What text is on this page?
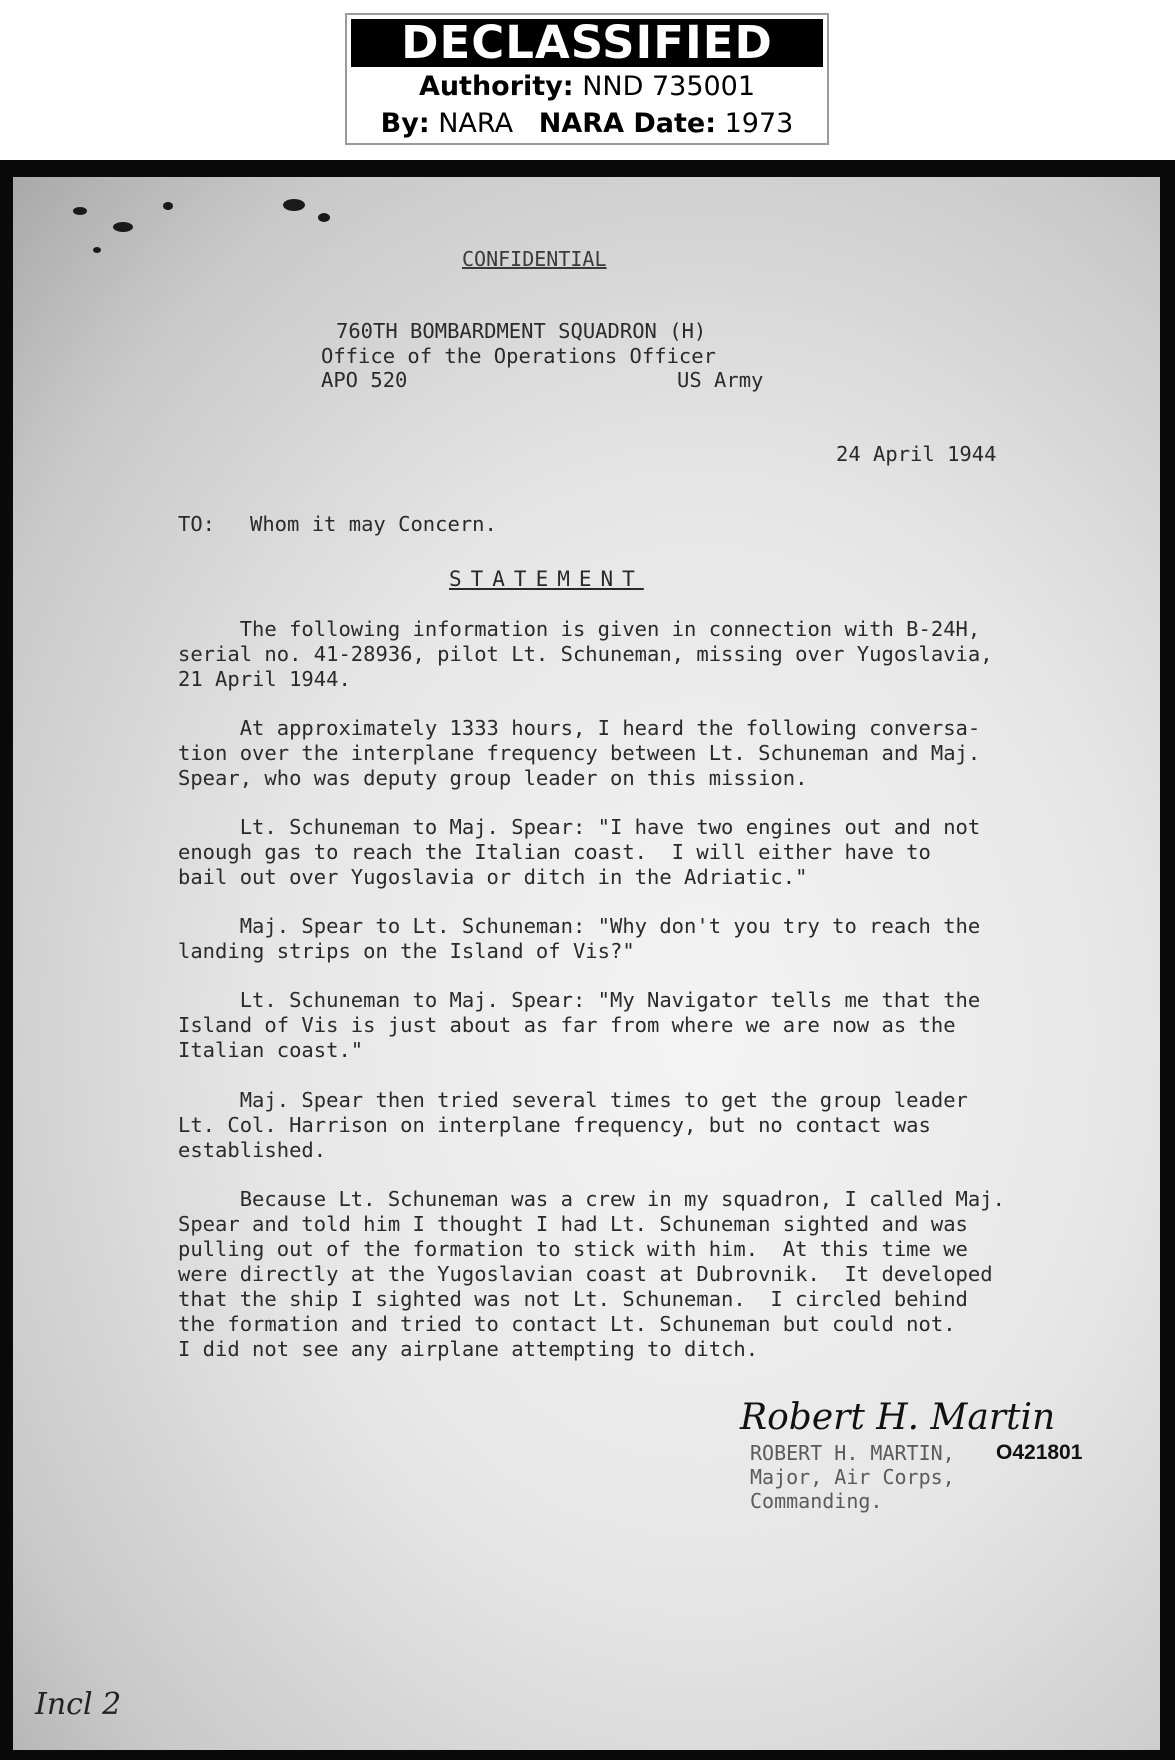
DECLASSIFIED
Authority: NND 735001
By: NARA NARA Date: 1973
CONFIDENTIAL
760TH BOMBARDMENT SQUADRON (H)
Office of the Operations Officer
APO 520	US Army
24 April 1944
TO: Whom it may Concern.
STATEMENT
The following information is given in connection with B-24H,
serial no. 41-28936, pilot Lt. Schuneman, missing over Yugoslavia,
21 April 1944.
At approximately 1333 hours, I heard the following conversa-
tion over the interplane frequency between Lt. Schuneman and Maj.
Spear, who was deputy group leader on this mission.
Lt. Schuneman to Maj. Spear: "I have two engines out and not
enough gas to reach the Italian coast.  I will either have to
bail out over Yugoslavia or ditch in the Adriatic."
Maj. Spear to Lt. Schuneman: "Why don't you try to reach the
landing strips on the Island of Vis?"
Lt. Schuneman to Maj. Spear: "My Navigator tells me that the
Island of Vis is just about as far from where we are now as the
Italian coast."
Maj. Spear then tried several times to get the group leader
Lt. Col. Harrison on interplane frequency, but no contact was
established.
Because Lt. Schuneman was a crew in my squadron, I called Maj.
Spear and told him I thought I had Lt. Schuneman sighted and was
pulling out of the formation to stick with him.  At this time we
were directly at the Yugoslavian coast at Dubrovnik.  It developed
that the ship I sighted was not Lt. Schuneman.  I circled behind
the formation and tried to contact Lt. Schuneman but could not.
I did not see any airplane attempting to ditch.
Robert H. Martin
ROBERT H. MARTIN,
Major, Air Corps,
Commanding.
O421801
Incl 2
